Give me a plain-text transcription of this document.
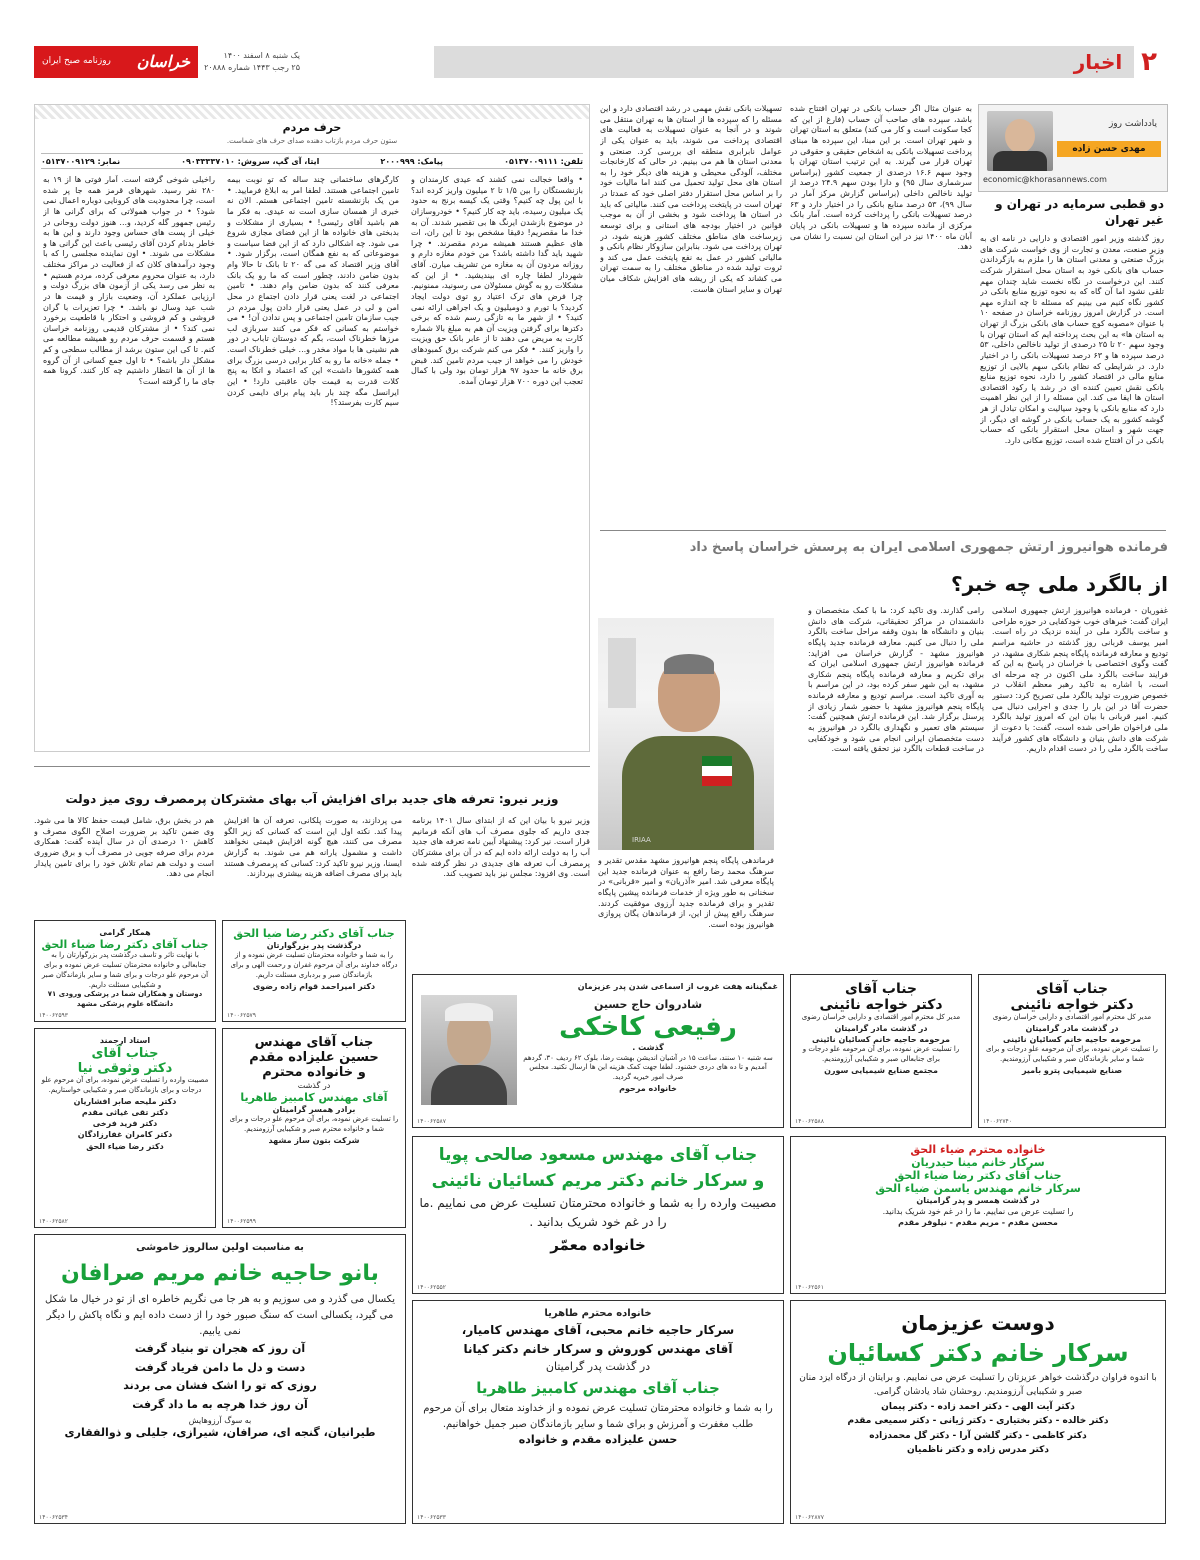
۲
اخبار
یک شنبه ۸ اسفند ۱۴۰۰
۲۵ رجب ۱۴۴۳ شماره ۲۰۸۸۸
خراسان
روزنامه صبح ایران
یادداشت روز
مهدی حسن زاده
economic@khorasannews.com
دو قطبی سرمایه در تهران و غیر تهران
روز گذشته وزیر امور اقتصادی و دارایی در نامه ای به وزیر صنعت، معدن و تجارت از وی خواست شرکت های بزرگ صنعتی و معدنی استان ها را ملزم به بازگرداندن حساب های بانکی خود به استان محل استقرار شرکت کنند. این درخواست در نگاه نخست شاید چندان مهم تلقی نشود اما آن گاه که به نحوه توزیع منابع بانکی در کشور نگاه کنیم می بینیم که مسئله تا چه اندازه مهم است. در گزارش امروز روزنامه خراسان در صفحه ۱۰ با عنوان «مصوبه کوچ حساب های بانکی بزرگ از تهران به استان ها» به این بحث پرداخته ایم که استان تهران با وجود سهم ۲۰ تا ۲۵ درصدی از تولید ناخالص داخلی، ۵۳ درصد سپرده ها و ۶۳ درصد تسهیلات بانکی را در اختیار دارد. در شرایطی که نظام بانکی سهم بالایی از توزیع منابع مالی در اقتصاد کشور را دارد، نحوه توزیع منابع بانکی نقش تعیین کننده ای در رشد یا رکود اقتصادی استان ها ایفا می کند. این مسئله را از این نظر اهمیت دارد که منابع بانکی یا وجود سیالیت و امکان تبادل از هر گوشه کشور به یک حساب بانکی در گوشه ای دیگر، از جهت شهر و استان محل استقرار بانکی که حساب بانکی در آن افتتاح شده است، توزیع مکانی دارد.
به عنوان مثال اگر حساب بانکی در تهران افتتاح شده باشد، سپرده های صاحب آن حساب (فارغ از این که کجا سکونت است و کار می کند) متعلق به استان تهران و شهر تهران است. بر این مبنا، این سپرده ها مبنای پرداخت تسهیلات بانکی به اشخاص حقیقی و حقوقی در تهران قرار می گیرند. به این ترتیب استان تهران با وجود سهم ۱۶.۶ درصدی از جمعیت کشور (براساس سرشماری سال ۹۵) و دارا بودن سهم ۲۴.۹ درصد از تولید ناخالص داخلی (براساس گزارش مرکز آمار در سال ۹۹)، ۵۳ درصد منابع بانکی را در اختیار دارد و ۶۳ درصد تسهیلات بانکی را پرداخت کرده است. آمار بانک مرکزی از مانده سپرده ها و تسهیلات بانکی در پایان آبان ماه ۱۴۰۰ نیز در این استان این نسبت را نشان می دهد.
تسهیلات بانکی نقش مهمی در رشد اقتصادی دارد و این مسئله را که سپرده ها از استان ها به تهران منتقل می شوند و در آنجا به عنوان تسهیلات به فعالیت های اقتصادی پرداخت می شوند، باید به عنوان یکی از عوامل نابرابری منطقه ای بررسی کرد. صنعتی و معدنی استان ها هم می بینیم. در حالی که کارخانجات مختلف، آلودگی محیطی و هزینه های دیگر خود را به استان های محل تولید تحمیل می کنند اما مالیات خود را بر اساس محل استقرار دفتر اصلی خود که عمدتا در تهران است در پایتخت پرداخت می کنند. مالیاتی که باید در استان ها پرداخت شود و بخشی از آن به موجب قوانین در اختیار بودجه های استانی و برای توسعه زیرساخت های مناطق مختلف کشور هزینه شود، در تهران پرداخت می شود. بنابراین سازوکار نظام بانکی و مالیاتی کشور در عمل به نفع پایتخت عمل می کند و ثروت تولید شده در مناطق مختلف را به سمت تهران می کشاند که یکی از ریشه های افزایش شکاف میان تهران و سایر استان هاست.
حرف مردم
ستون حرف مردم بازتاب دهنده صدای حرف های شماست.
تلفن: ۰۵۱۳۷۰۰۹۱۱۱
پیامک: ۲۰۰۰۹۹۹
ایتا، آی گپ، سروش: ۰۹۰۳۳۳۳۷۰۱۰
نمابر: ۰۵۱۳۷۰۰۹۱۲۹
• واقعا خجالت نمی کشند که عیدی کارمندان و بازنشستگان را بین ۱/۵ تا ۲ میلیون واریز کرده اند؟ با این پول چه کنیم؟ وقتی یک کیسه برنج به حدود یک میلیون رسیده، باید چه کار کنیم؟ • خودروسازان در موضوع بازشدن ایرنگ ها بی تقصیر شدند. آن به خدا ما مقصریم! دقیقا مشخص بود تا این ران، ات های عظیم هستند همیشه مردم مقصرند. • چرا شهید باید گدا داشته باشد؟ من خودم مغازه دارم و روزانه مردون آن به مغازه من تشریف میارن. آقای شهردار لطفا چاره ای بیندیشید. • از این که مشکلات رو به گوش مسئولان می رسونید، ممنونیم. چرا فرض های ترک اعتیاد رو توی دولت ایجاد کردید؟ با تورم و دومیلیون و یک اجراهی ارائه نمی کنید؟ • از شهر ما به تازگی رسم شده که برخی دکترها برای گرفتن ویزیت آن هم به مبلغ بالا شماره کارت به مریض می دهند تا از عابر بانک حق ویزیت را واریز کنند. • فکر می کنم شرکت برق کمبودهای خودش را می خواهد از جیب مردم تامین کند. قبض برق خانه ما حدود ۹۷ هزار تومان بود ولی با کمال تعجب این دوره ۷۰۰ هزار تومان آمده.
کارگرهای ساختمانی چند ساله که تو نوبت بیمه تامین اجتماعی هستند. لطفا امر به ابلاغ فرمایید. • من یک بازنشسته تامین اجتماعی هستم. الان نه خبری از همسان سازی است نه عیدی. به فکر ما هم باشید آقای رئیسی! • بسیاری از مشکلات و بدبختی های خانواده ها از این فضای مجازی شروع می شود. چه اشکالی دارد که از این فضا سیاست و موضوعاتی که به نفع همگان است، برگزار شود. • آقای وزیر اقتصاد که می گه ۲۰ تا بانک تا حالا وام بدون ضامن دادند، چطور است که ما رو یک بانک معرفی کنند که بدون ضامن وام دهند. • تامین اجتماعی در لغت یعنی قرار دادن اجتماع در محل امن و لی در عمل یعنی قرار دادن پول مردم در جیب سازمان تامین اجتماعی و پس ندادن آن! • می خواستم به کسانی که فکر می کنند سربازی لب مرزها خطرناک است، بگم که دوستان تاباب در دور هم نشینی ها با مواد مخدر و... خیلی خطرناک است. • جمله «خانه ما رو به کنار برایی درسی بزرگ برای همه کشورها داشت» این که اعتماد و اتکا به پنج کلات قدرت به قیمت جان عاقبتی دارد! • این ایرانسل مگه چند بار باید پیام برای دایمی کردن سیم کارت بفرستد؟!
راخیلی شوخی گرفته است. آمار فوتی ها از ۱۹ به ۲۸۰ نفر رسید. شهرهای قرمز همه جا پر شده است، چرا محدودیت های کرونایی دوباره اعمال نمی شود؟ • در جواب همولاتی که برای گرانی ها از رئیس جمهور گله کردید، و... هنوز دولت روحانی در خیلی از پست های حساس وجود دارند و این ها به خاطر بدنام کردن آقای رئیسی باعث این گرانی ها و مشکلات می شوند. • اون نماینده مجلسی را که با وجود درآمدهای کلان که از فعالیت در مراکز مختلف دارد، به عنوان محروم معرفی کرده، مردم هستیم • به نظر می رسد یکی از آزمون های بزرگ دولت و ارزیابی عملکرد آن، وضعیت بازار و قیمت ها در شب عید وسال نو باشد. • چرا تعزیرات با گران فروشی و کم فروشی و احتکار با قاطعیت برخورد نمی کند؟ • از مشترکان قدیمی روزنامه خراسان هستم و قسمت حرف مردم رو همیشه مطالعه می کنم. تا کی این ستون برشد از مطالب سطحی و کم مشکل دار باشه؟ • تا اول جمع کسانی از آن گروه ها از آن ها انتظار داشتیم چه کار کنند. کرونا همه جای ما را گرفته است؟
فرمانده هوانیروز ارتش جمهوری اسلامی ایران به پرسش خراسان پاسخ داد
از بالگرد ملی چه خبر؟
غفوریان - فرمانده هوانیروز ارتش جمهوری اسلامی ایران گفت: خبرهای خوب خودکفایی در حوزه طراحی و ساخت بالگرد ملی در آینده نزدیک در راه است. امیر یوسف قربانی روز گذشته در حاشیه مراسم تودیع و معارفه فرمانده پایگاه پنجم شکاری مشهد، در گفت وگوی اختصاصی با خراسان در پاسخ به این که فرایند ساخت بالگرد ملی اکنون در چه مرحله ای است، با اشاره به تاکید رهبر معظم انقلاب در خصوص ضرورت تولید بالگرد ملی تصریح کرد: دستور حضرت آقا در این بار را جدی و اجرایی دنبال می کنیم. امیر قربانی با بیان این که امروز تولید بالگرد ملی فراخوان طراحی شده است، گفت: با دعوت از شرکت های دانش بنیان و دانشگاه های کشور فرآیند ساخت بالگرد ملی را در دست اقدام داریم.
رامی گذارند. وی تاکید کرد: ما با کمک متخصصان و دانشمندان در مراکز تحقیقاتی، شرکت های دانش بنیان و دانشگاه ها بدون وقفه مراحل ساخت بالگرد ملی را دنبال می کنیم. معارفه فرمانده جدید پایگاه هوانیروز مشهد - گزارش خراسان می افزاید: فرمانده هوانیروز ارتش جمهوری اسلامی ایران که برای تکریم و معارفه فرمانده پایگاه پنجم شکاری مشهد، به این شهر سفر کرده بود، در این مراسم با به آوری تاکید است. مراسم تودیع و معارفه فرمانده پایگاه پنجم هوانیروز مشهد با حضور شمار زیادی از پرسنل برگزار شد. این فرمانده ارتش همچنین گفت: سیستم های تعمیر و نگهداری بالگرد در هوانیروز به دست متخصصان ایرانی انجام می شود و خودکفایی در ساخت قطعات بالگرد نیز تحقق یافته است.
IRIAA
فرماندهی پایگاه پنجم هوانیروز مشهد مقدس تقدیر و سرهنگ محمد رضا رافع به عنوان فرمانده جدید این پایگاه معرفی شد. امیر «آذریان» و امیر «قربانی» در سخنانی به طور ویژه از خدمات فرمانده پیشین پایگاه تقدیر و برای فرمانده جدید آرزوی موفقیت کردند. سرهنگ رافع پیش از این، از فرماندهان یگان پروازی هوانیروز بوده است.
وزیر نیرو: تعرفه های جدید برای افزایش آب بهای مشترکان پرمصرف روی میز دولت
وزیر نیرو با بیان این که از ابتدای سال ۱۴۰۱ برنامه جدی داریم که جلوی مصرف آب های آنکه فرمانیم قرار است. نیر کرد: پیشنهاد آیین نامه تعرفه های جدید آب را به دولت ارائه داده ایم که در آن برای مشترکان پرمصرف آب تعرفه های جدیدی در نظر گرفته شده است. وی افزود: مجلس نیز باید تصویب کند.
می پردازند، به صورت پلکانی، تعرفه آن ها افزایش پیدا کند. نکته اول این است که کسانی که زیر الگو مصرف می کنند، هیچ گونه افزایش قیمتی نخواهند داشت و مشمول یارانه هم می شوند. به گزارش ایسنا، وزیر نیرو تاکید کرد: کسانی که پرمصرف هستند باید برای مصرف اضافه هزینه بیشتری بپردازند.
هم در بخش برق، شامل قیمت حفظ کالا ها می شود. وی ضمن تاکید بر ضرورت اصلاح الگوی مصرف و کاهش ۱۰ درصدی آن در سال آینده گفت: همکاری مردم برای صرفه جویی در مصرف آب و برق ضروری است و دولت هم تمام تلاش خود را برای تامین پایدار انجام می دهد.
جناب آقای
دکتر خواجه نائینی
مدیر کل محترم امور اقتصادی و دارایی خراسان رضوی
در گذشت مادر گرامیتان
مرحومه حاجیه خانم کسائیان نائینی
را تسلیت عرض نموده، برای آن مرحومه علو درجات و برای شما و سایر بازماندگان صبر و شکیبایی آرزومندیم.
صنایع شیمیایی پترو بامیر
۱۴۰۰۶۲۷۴۰
جناب آقای
دکتر خواجه نائینی
مدیر کل محترم امور اقتصادی و دارایی خراسان رضوی
در گذشت مادر گرامیتان
مرحومه حاجیه خانم کسائیان نائینی
را تسلیت عرض نموده، برای آن مرحومه علو درجات و برای جنابعالی صبر و شکیبایی آرزومندیم.
مجتمع صنایع شیمیایی سورن
۱۴۰۰۶۲۵۸۸
غمگینانه هفت غروب از اسماعی شدن پدر عزیزمان
شادروان حاج حسین
رفیعی کاخکی
گذشت .
سه شنبه ۱۰ سنند، ساعت ۱۵ در آشیان اندیشن بهشت رضا، بلوک ۶۲ ردیف ۳۰، گردهم آمدیم و تا ده های دردی خشنود. لطفا جهت کمک هزینه این ها ارسال نکنید. مجلس صرف امور خیریه گردید.
خانواده مرحوم
۱۴۰۰۶۲۵۸۷
جناب آقای دکتر رضا ضیا الحق
درگذشت پدر بزرگوارتان
را به شما و خانواده محترمتان تسلیت عرض نموده و از درگاه خداوند برای آن مرحوم غفران و رحمت الهی و برای بازماندگان صبر و بردباری مسئلت داریم.
دکتر امیراحمد قوام زاده رضوی
۱۴۰۰۶۲۵۷۹
همکار گرامی
جناب آقای دکتر رضا ضیاء الحق
با نهایت تاثر و تاسف درگذشت پدر بزرگوارتان را به جنابعالی و خانواده محترمتان تسلیت عرض نموده و برای آن مرحوم علو درجات و برای شما و سایر بازماندگان صبر و شکیبایی مسئلت داریم.
دوستان و همکاران شما در پزشکی ورودی ۷۱ دانشگاه علوم پزشکی مشهد
۱۴۰۰۶۲۵۹۳
جناب آقای مهندس
حسین علیزاده مقدم
و خانواده محترم
در گذشت
آقای مهندس کامبیز طاهریا
برادر همسر گرامیتان
را تسلیت عرض نموده، برای آن مرحوم علو درجات و برای شما و خانواده محترم صبر و شکیبایی آرزومندیم.
شرکت بتون ساز مشهد
۱۴۰۰۶۲۵۹۹
استاد ارجمند
جناب آقای
دکتر وثوقی نیا
مصیبت وارده را تسلیت عرض نموده، برای آن مرحوم علو درجات و برای بازماندگان صبر و شکیبایی خواستاریم.
دکتر ملیحه صابر افشاریان
دکتر تقی غیاثی مقدم
دکتر فرید فرخی
دکتر کامران غفارزادگان
دکتر رضا ضیاء الحق
۱۴۰۰۶۲۵۸۲
جناب آقای مهندس مسعود صالحی پویا
و سرکار خانم دکتر مریم کسائیان نائینی
مصیبت وارده را به شما و خانواده محترمتان تسلیت عرض می نماییم .ما را در غم خود شریک بدانید .
خانواده معمّر
۱۴۰۰۶۲۵۵۲
خانواده محترم ضیاء الحق
سرکار خانم مینا حیدریان
جناب آقای دکتر رضا ضیاء الحق
سرکار خانم مهندس یاسمن ضیاء الحق
در گذشت همسر و پدر گرامیتان
را تسلیت عرض می نماییم. ما را در غم خود شریک بدانید.
محسن مقدم - مریم مقدم - نیلوفر مقدم
۱۴۰۰۶۲۵۶۱
به مناسبت اولین سالروز خاموشی
بانو حاجیه خانم مریم صرافان
یکسال می گذرد و می سوزیم و به هر جا می نگریم خاطره ای از تو در خیال ما شکل می گیرد، یکسالی است که سنگ صبور خود را از دست داده ایم و نگاه پاکش را دیگر نمی یابیم.
آن روز که هجران تو بنیاد گرفت
دست و دل ما دامن فریاد گرفت
روزی که تو را اشک فشان می بردند
آن روز خدا هرچه به ما داد گرفت
به سوگ آرزوهایش
طیرانیان، گنجه ای، صرافان، شیرازی، جلیلی و ذوالفقاری
۱۴۰۰۶۲۵۳۴
خانواده محترم طاهریا
سرکار حاجیه خانم محبی، آقای مهندس کامیار،
آقای مهندس کوروش و سرکار خانم دکتر کیانا
در گذشت پدر گرامیتان
جناب آقای مهندس کامبیز طاهریا
را به شما و خانواده محترمتان تسلیت عرض نموده و از خداوند متعال برای آن مرحوم طلب مغفرت و آمرزش و برای شما و سایر بازماندگان صبر جمیل خواهانیم.
حسن علیزاده مقدم و خانواده
۱۴۰۰۶۲۵۳۳
دوست عزیزمان
سرکار خانم دکتر کسائیان
با اندوه فراوان درگذشت خواهر عزیزتان را تسلیت عرض می نماییم. و برایتان از درگاه ایزد منان صبر و شکیبایی آرزومندیم. روحشان شاد یادشان گرامی.
دکتر آیت الهی - دکتر احمد زاده - دکتر پیمان
دکتر خالده - دکتر بختیاری - دکتر ژیانی - دکتر سمیعی مقدم
دکتر کاظمی - دکتر گلشن آرا - دکتر گل محمدزاده
دکتر مدرس زاده و دکتر ناظمیان
۱۴۰۰۶۲۸۷۷
